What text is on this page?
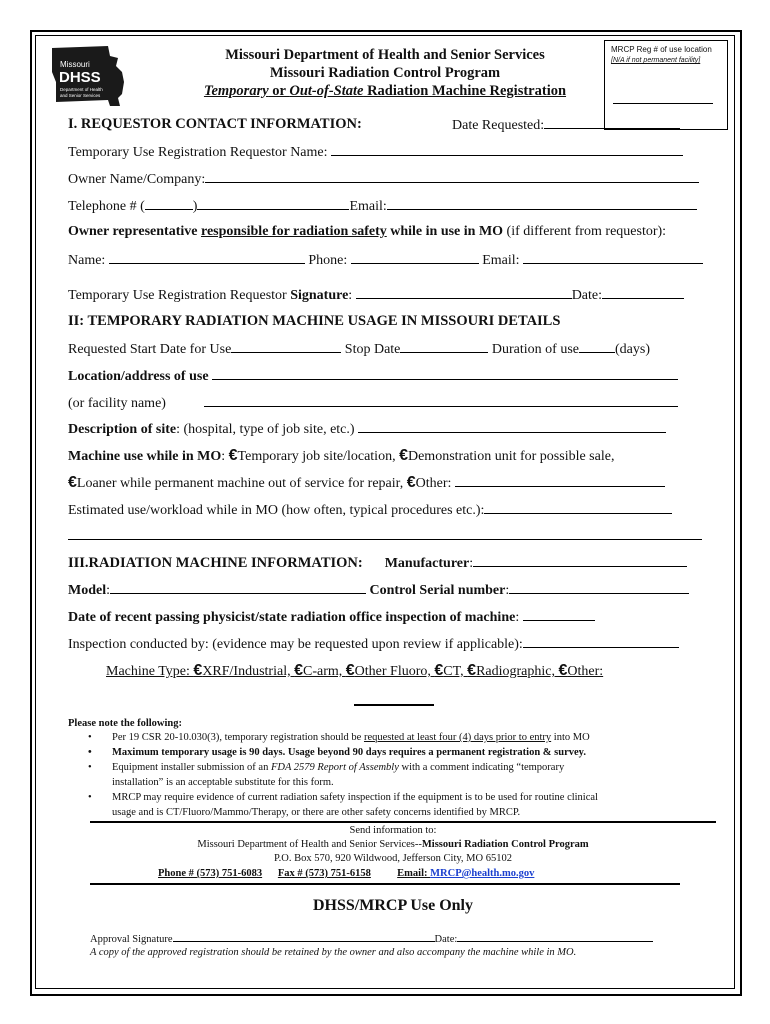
Missouri
DHSS
Department of Health
and Senior Services
Missouri Department of Health and Senior Services
Missouri Radiation Control Program
Temporary or Out-of-State Radiation Machine Registration
MRCP Reg # of use location
[N/A if not permanent facility]
I. REQUESTOR CONTACT INFORMATION:	Date Requested:
Temporary Use Registration Requestor Name:
Owner Name/Company:
Telephone # (	)	Email:
Owner representative responsible for radiation safety while in use in MO (if different from requestor):
Name:	Phone:	Email:
Temporary Use Registration Requestor Signature:	Date:
II: TEMPORARY RADIATION MACHINE USAGE IN MISSOURI DETAILS
Requested Start Date for Use	Stop Date	Duration of use	(days)
Location/address of use
(or facility name)
Description of site: (hospital, type of job site, etc.)
Machine use while in MO: €Temporary job site/location, €Demonstration unit for possible sale,
€Loaner while permanent machine out of service for repair, €Other:
Estimated use/workload while in MO (how often, typical procedures etc.):
III.RADIATION MACHINE INFORMATION: Manufacturer:
Model:	Control Serial number:
Date of recent passing physicist/state radiation office inspection of machine:
Inspection conducted by: (evidence may be requested upon review if applicable):
Machine Type: €XRF/Industrial, €C-arm, €Other Fluoro, €CT, €Radiographic, €Other:
Please note the following:
• Per 19 CSR 20-10.030(3), temporary registration should be requested at least four (4) days prior to entry into MO
• Maximum temporary usage is 90 days. Usage beyond 90 days requires a permanent registration & survey.
• Equipment installer submission of an FDA 2579 Report of Assembly with a comment indicating “temporary
installation” is an acceptable substitute for this form.
• MRCP may require evidence of current radiation safety inspection if the equipment is to be used for routine clinical
usage and is CT/Fluoro/Mammo/Therapy, or there are other safety concerns identified by MRCP.
Send information to:
Missouri Department of Health and Senior Services--Missouri Radiation Control Program
P.O. Box 570, 920 Wildwood, Jefferson City, MO 65102
Phone # (573) 751-6083 Fax # (573) 751-6158	Email: MRCP@health.mo.gov
DHSS/MRCP Use Only
Approval Signature	Date:
A copy of the approved registration should be retained by the owner and also accompany the machine while in MO.
